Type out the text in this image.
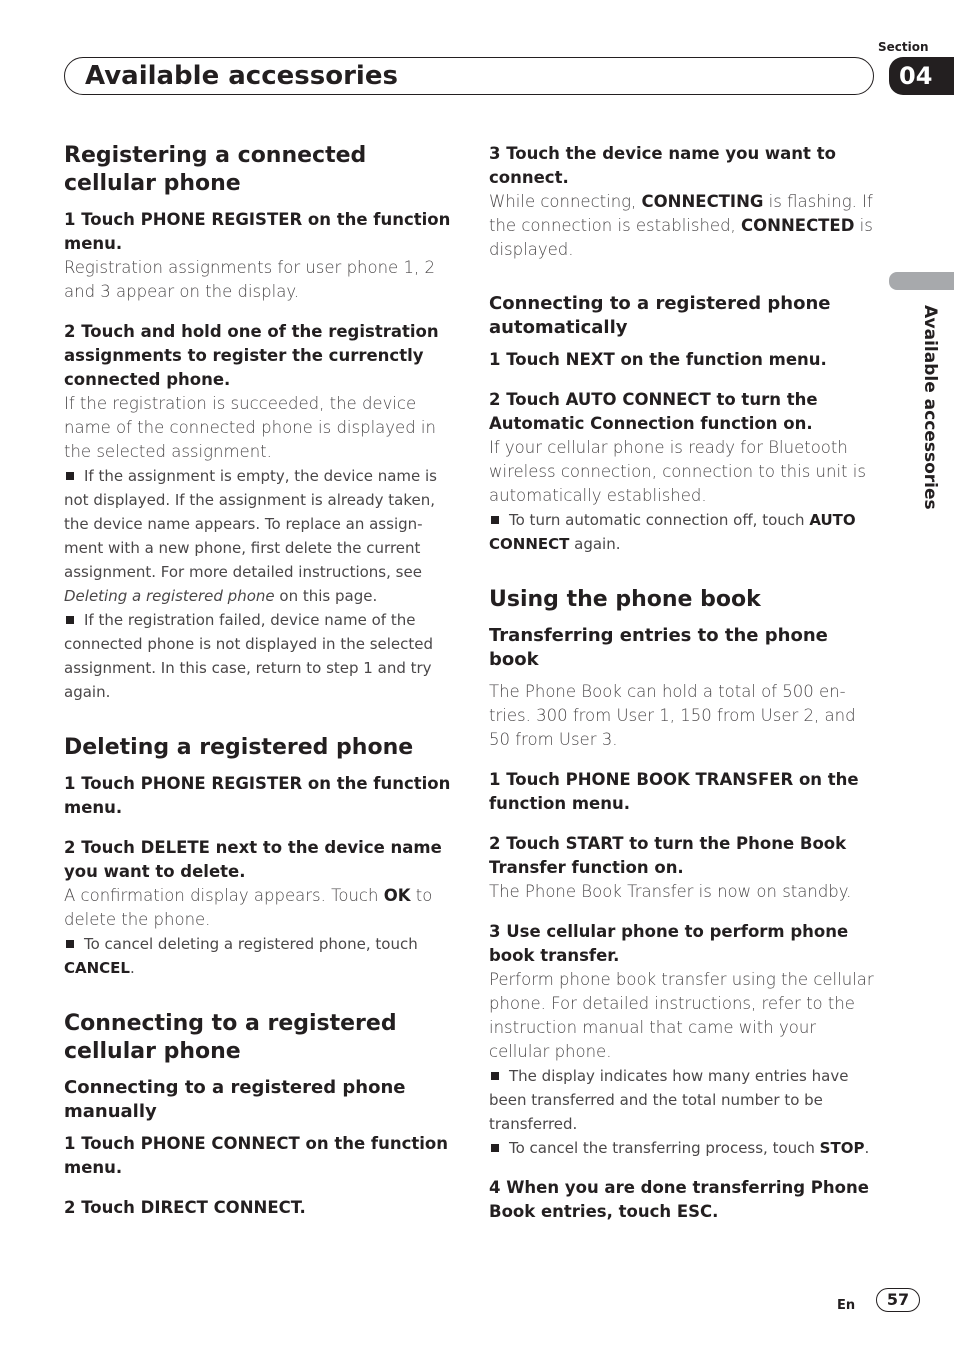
Available accessories
Section
04
Available accessories

Registering a connected cellular phone

1 Touch PHONE REGISTER on the function menu.

Registration assignments for user phone 1, 2 and 3 appear on the display.

2 Touch and hold one of the registration assignments to register the currenctly connected phone.

If the registration is succeeded, the device name of the connected phone is displayed in the selected assignment.

If the assignment is empty, the device name is not displayed. If the assignment is already taken, the device name appears. To replace an assignment with a new phone, first delete the current assignment. For more detailed instructions, see Deleting a registered phone on this page.

If the registration failed, device name of the connected phone is not displayed in the selected assignment. In this case, return to step 1 and try again.

Deleting a registered phone

1 Touch PHONE REGISTER on the function menu.

2 Touch DELETE next to the device name you want to delete.

A confirmation display appears. Touch OK to delete the phone.

To cancel deleting a registered phone, touch CANCEL.

Connecting to a registered cellular phone

Connecting to a registered phone manually

1 Touch PHONE CONNECT on the function menu.

2 Touch DIRECT CONNECT.

3 Touch the device name you want to connect.

While connecting, CONNECTING is flashing. If the connection is established, CONNECTED is displayed.

Connecting to a registered phone automatically

1 Touch NEXT on the function menu.

2 Touch AUTO CONNECT to turn the Automatic Connection function on.

If your cellular phone is ready for Bluetooth wireless connection, connection to this unit is automatically established.

To turn automatic connection off, touch AUTO CONNECT again.

Using the phone book

Transferring entries to the phone book

The Phone Book can hold a total of 500 entries. 300 from User 1, 150 from User 2, and 50 from User 3.

1 Touch PHONE BOOK TRANSFER on the function menu.

2 Touch START to turn the Phone Book Transfer function on.

The Phone Book Transfer is now on standby.

3 Use cellular phone to perform phone book transfer.

Perform phone book transfer using the cellular phone. For detailed instructions, refer to the instruction manual that came with your cellular phone.

The display indicates how many entries have been transferred and the total number to be transferred.

To cancel the transferring process, touch STOP.

4 When you are done transferring Phone Book entries, touch ESC.

En	57
